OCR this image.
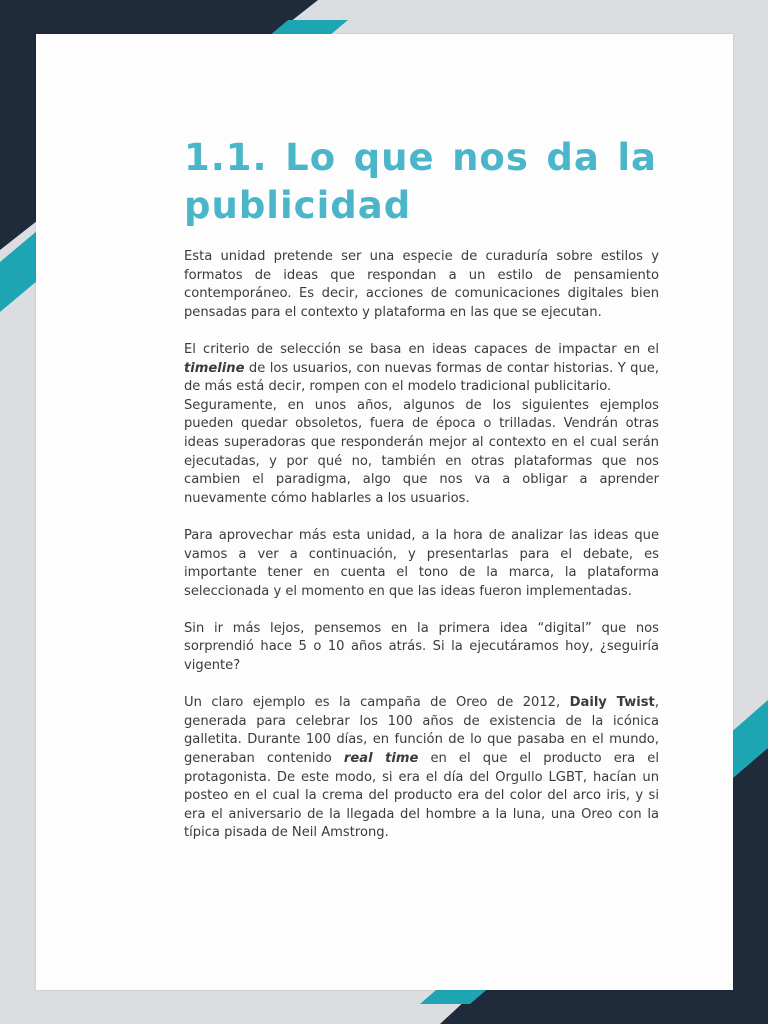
1.1. Lo que nos da la
publicidad

Esta unidad pretende ser una especie de curaduría sobre estilos y formatos de ideas que respondan a un estilo de pensamiento contemporáneo. Es decir, acciones de comunicaciones digitales bien pensadas para el contexto y plataforma en las que se ejecutan.

El criterio de selección se basa en ideas capaces de impactar en el timeline de los usuarios, con nuevas formas de contar historias. Y que, de más está decir, rompen con el modelo tradicional publicitario.

Seguramente, en unos años, algunos de los siguientes ejemplos pueden quedar obsoletos, fuera de época o trilladas. Vendrán otras ideas superadoras que responderán mejor al contexto en el cual serán ejecutadas, y por qué no, también en otras plataformas que nos cambien el paradigma, algo que nos va a obligar a aprender nuevamente cómo hablarles a los usuarios.

Para aprovechar más esta unidad, a la hora de analizar las ideas que vamos a ver a continuación, y presentarlas para el debate, es importante tener en cuenta el tono de la marca, la plataforma seleccionada y el momento en que las ideas fueron implementadas.

Sin ir más lejos, pensemos en la primera idea “digital” que nos sorprendió hace 5 o 10 años atrás. Si la ejecutáramos hoy, ¿seguiría vigente?

Un claro ejemplo es la campaña de Oreo de 2012, Daily Twist, generada para celebrar los 100 años de existencia de la icónica galletita. Durante 100 días, en función de lo que pasaba en el mundo, generaban contenido real time en el que el producto era el protagonista. De este modo, si era el día del Orgullo LGBT, hacían un posteo en el cual la crema del producto era del color del arco iris, y si era el aniversario de la llegada del hombre a la luna, una Oreo con la típica pisada de Neil Amstrong.
